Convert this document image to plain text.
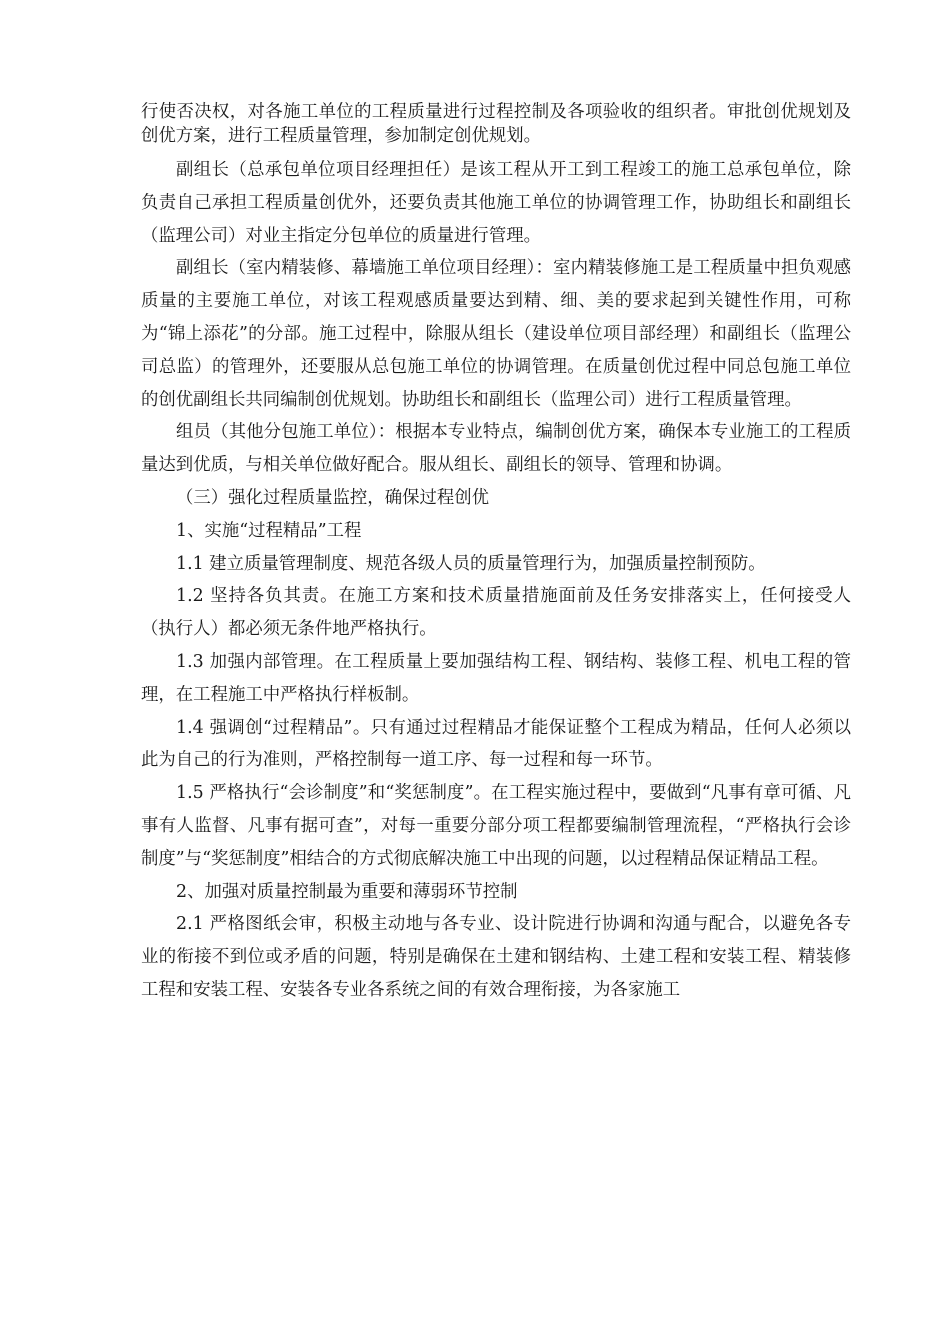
行使否决权，对各施工单位的工程质量进行过程控制及各项验收的组织者。审批创优规划及创优方案，进行工程质量管理，参加制定创优规划。

副组长（总承包单位项目经理担任）是该工程从开工到工程竣工的施工总承包单位，除负责自己承担工程质量创优外，还要负责其他施工单位的协调管理工作，协助组长和副组长（监理公司）对业主指定分包单位的质量进行管理。

副组长（室内精装修、幕墙施工单位项目经理）：室内精装修施工是工程质量中担负观感质量的主要施工单位，对该工程观感质量要达到精、细、美的要求起到关键性作用，可称为“锦上添花”的分部。施工过程中，除服从组长（建设单位项目部经理）和副组长（监理公司总监）的管理外，还要服从总包施工单位的协调管理。在质量创优过程中同总包施工单位的创优副组长共同编制创优规划。协助组长和副组长（监理公司）进行工程质量管理。

组员（其他分包施工单位）：根据本专业特点，编制创优方案，确保本专业施工的工程质量达到优质，与相关单位做好配合。服从组长、副组长的领导、管理和协调。

（三）强化过程质量监控，确保过程创优

1、实施“过程精品”工程

1.1 建立质量管理制度、规范各级人员的质量管理行为，加强质量控制预防。

1.2 坚持各负其责。在施工方案和技术质量措施面前及任务安排落实上，任何接受人（执行人）都必须无条件地严格执行。

1.3 加强内部管理。在工程质量上要加强结构工程、钢结构、装修工程、机电工程的管理，在工程施工中严格执行样板制。

1.4 强调创“过程精品”。只有通过过程精品才能保证整个工程成为精品，任何人必须以此为自己的行为准则，严格控制每一道工序、每一过程和每一环节。

1.5 严格执行“会诊制度”和“奖惩制度”。在工程实施过程中，要做到“凡事有章可循、凡事有人监督、凡事有据可查”，对每一重要分部分项工程都要编制管理流程，“严格执行会诊制度”与“奖惩制度”相结合的方式彻底解决施工中出现的问题，以过程精品保证精品工程。

2、加强对质量控制最为重要和薄弱环节控制

2.1 严格图纸会审，积极主动地与各专业、设计院进行协调和沟通与配合，以避免各专业的衔接不到位或矛盾的问题，特别是确保在土建和钢结构、土建工程和安装工程、精装修工程和安装工程、安装各专业各系统之间的有效合理衔接，为各家施工
